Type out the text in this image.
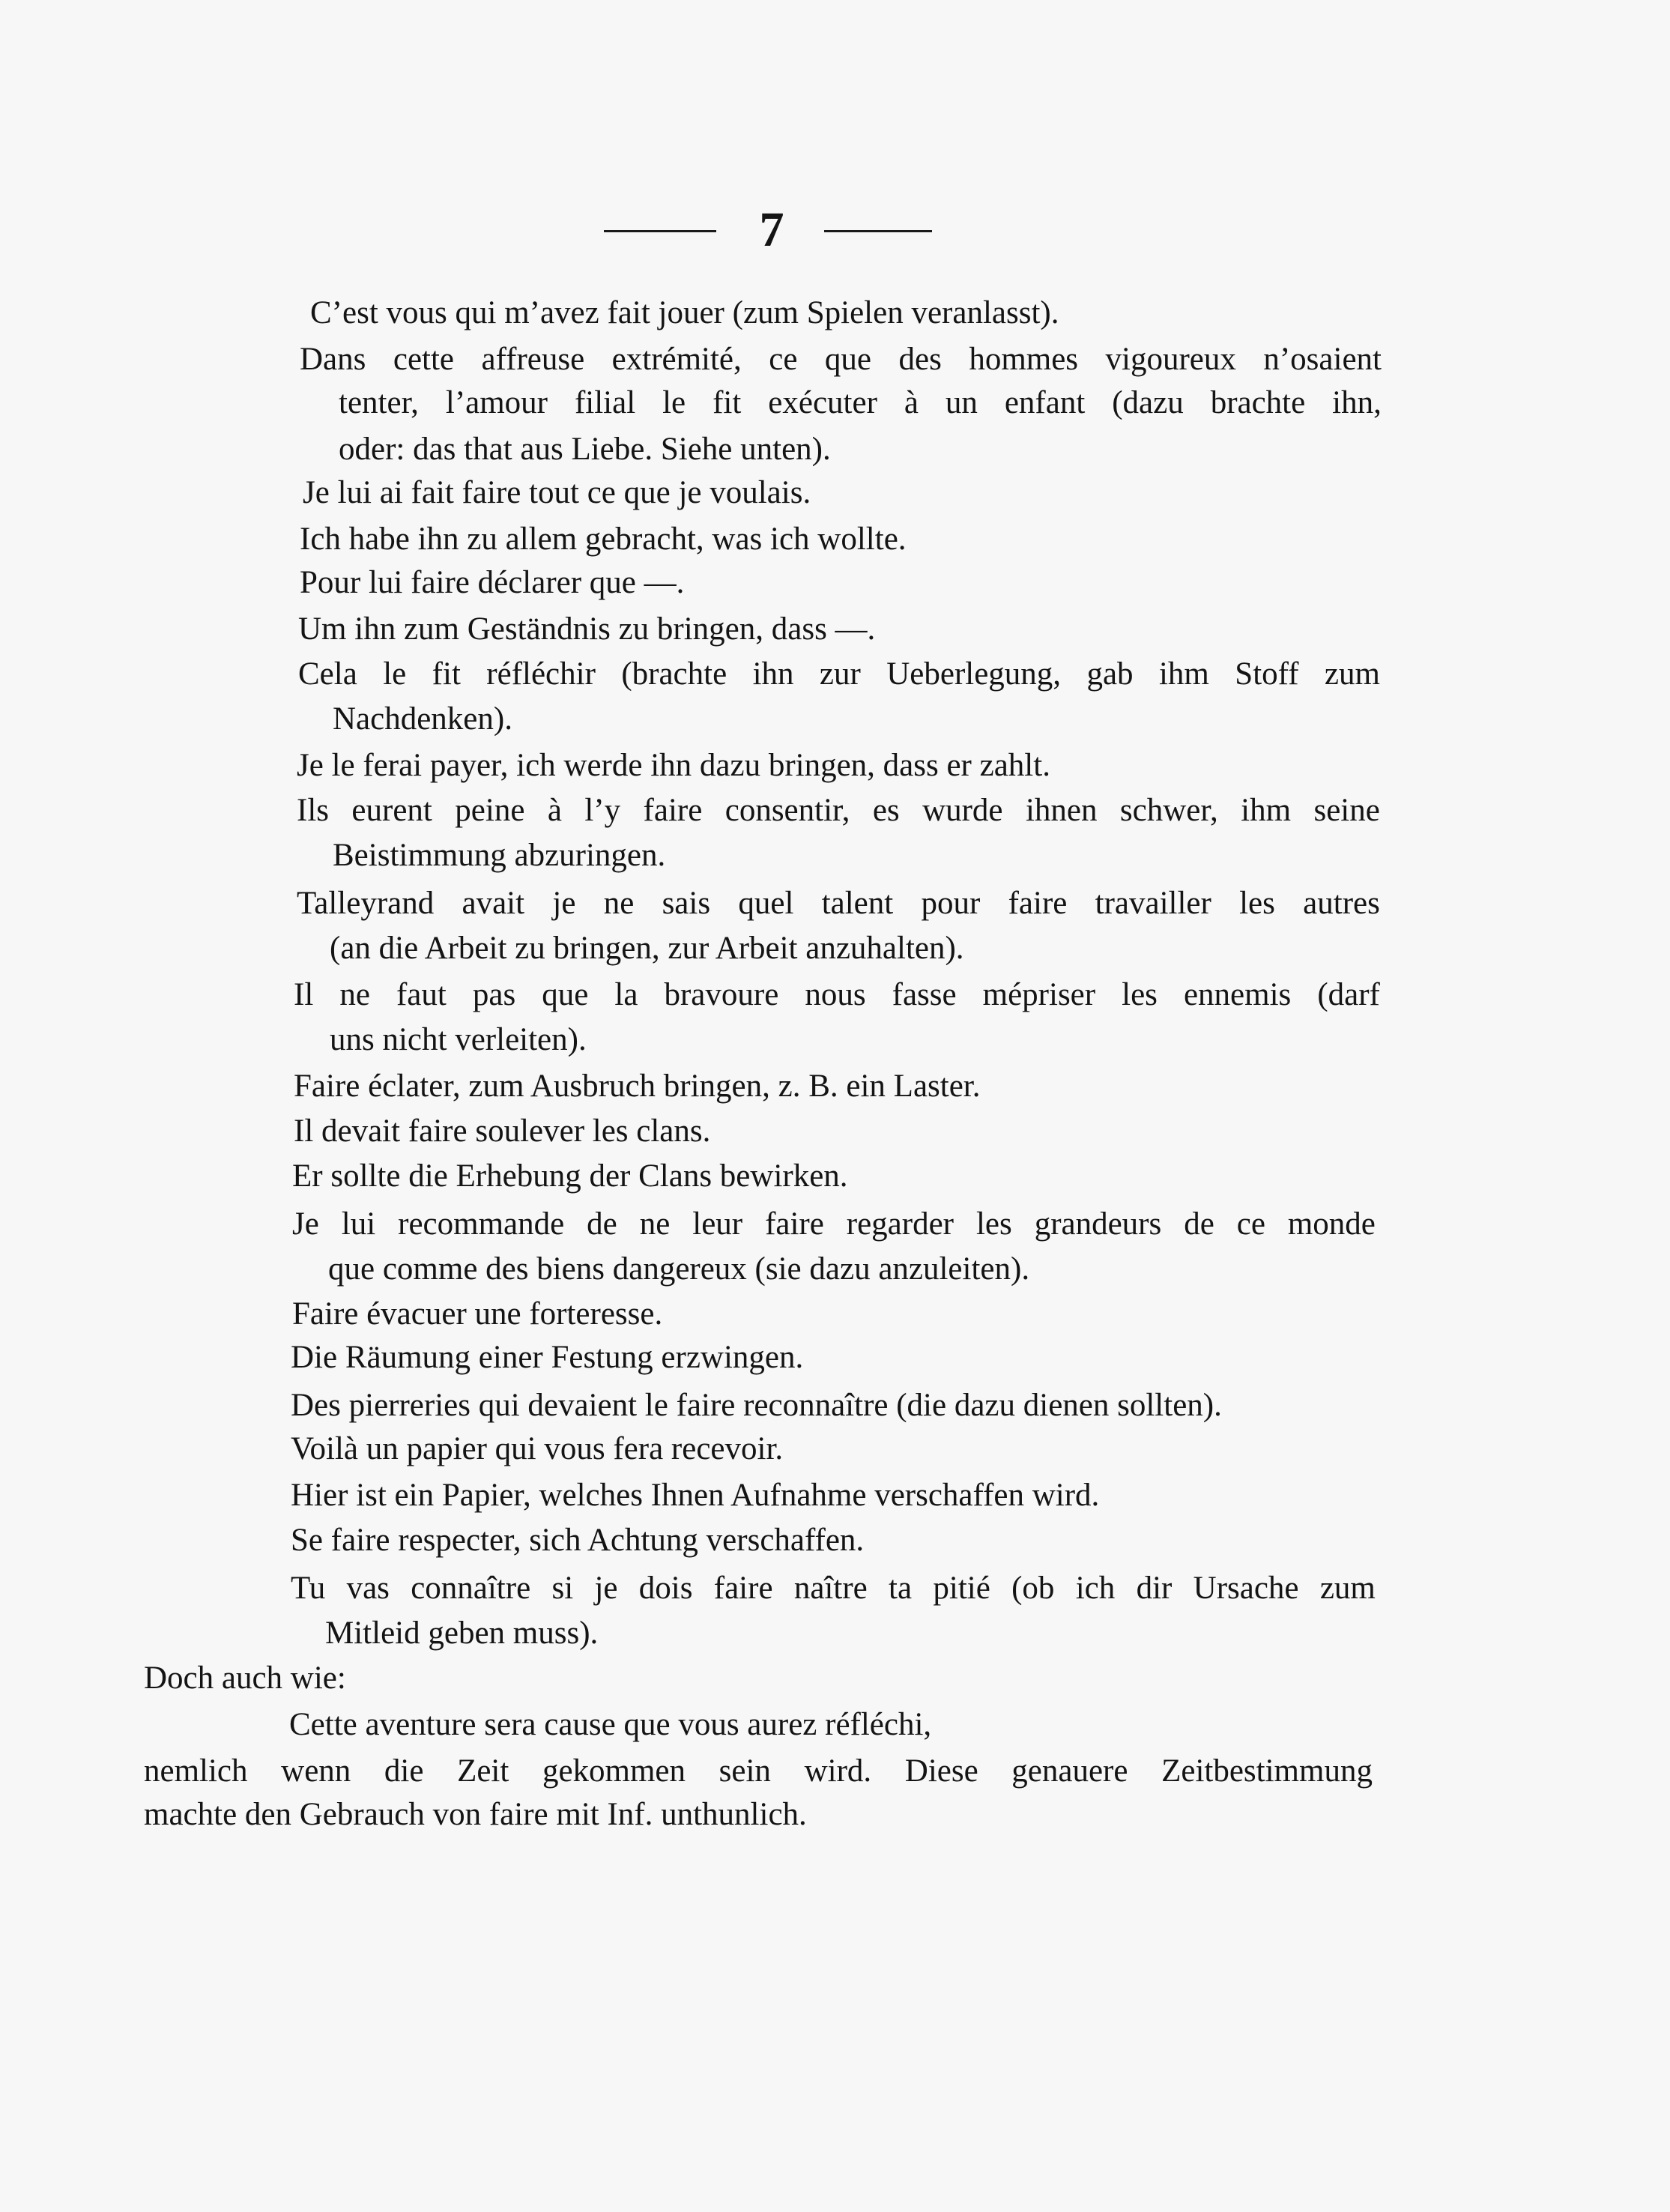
7
C’est vous qui m’avez fait jouer (zum Spielen veranlasst).
Dans cette affreuse extrémité, ce que des hommes vigoureux n’osaient
tenter, l’amour filial le fit exécuter à un enfant (dazu brachte ihn,
oder: das that aus Liebe. Siehe unten).
Je lui ai fait faire tout ce que je voulais.
Ich habe ihn zu allem gebracht, was ich wollte.
Pour lui faire déclarer que —.
Um ihn zum Geständnis zu bringen, dass —.
Cela le fit réfléchir (brachte ihn zur Ueberlegung, gab ihm Stoff zum
Nachdenken).
Je le ferai payer, ich werde ihn dazu bringen, dass er zahlt.
Ils eurent peine à l’y faire consentir, es wurde ihnen schwer, ihm seine
Beistimmung abzuringen.
Talleyrand avait je ne sais quel talent pour faire travailler les autres
(an die Arbeit zu bringen, zur Arbeit anzuhalten).
Il ne faut pas que la bravoure nous fasse mépriser les ennemis (darf
uns nicht verleiten).
Faire éclater, zum Ausbruch bringen, z. B. ein Laster.
Il devait faire soulever les clans.
Er sollte die Erhebung der Clans bewirken.
Je lui recommande de ne leur faire regarder les grandeurs de ce monde
que comme des biens dangereux (sie dazu anzuleiten).
Faire évacuer une forteresse.
Die Räumung einer Festung erzwingen.
Des pierreries qui devaient le faire reconnaître (die dazu dienen sollten).
Voilà un papier qui vous fera recevoir.
Hier ist ein Papier, welches Ihnen Aufnahme verschaffen wird.
Se faire respecter, sich Achtung verschaffen.
Tu vas connaître si je dois faire naître ta pitié (ob ich dir Ursache zum
Mitleid geben muss).
Doch auch wie:
Cette aventure sera cause que vous aurez réfléchi,
nemlich wenn die Zeit gekommen sein wird. Diese genauere Zeitbestimmung
machte den Gebrauch von faire mit Inf. unthunlich.
